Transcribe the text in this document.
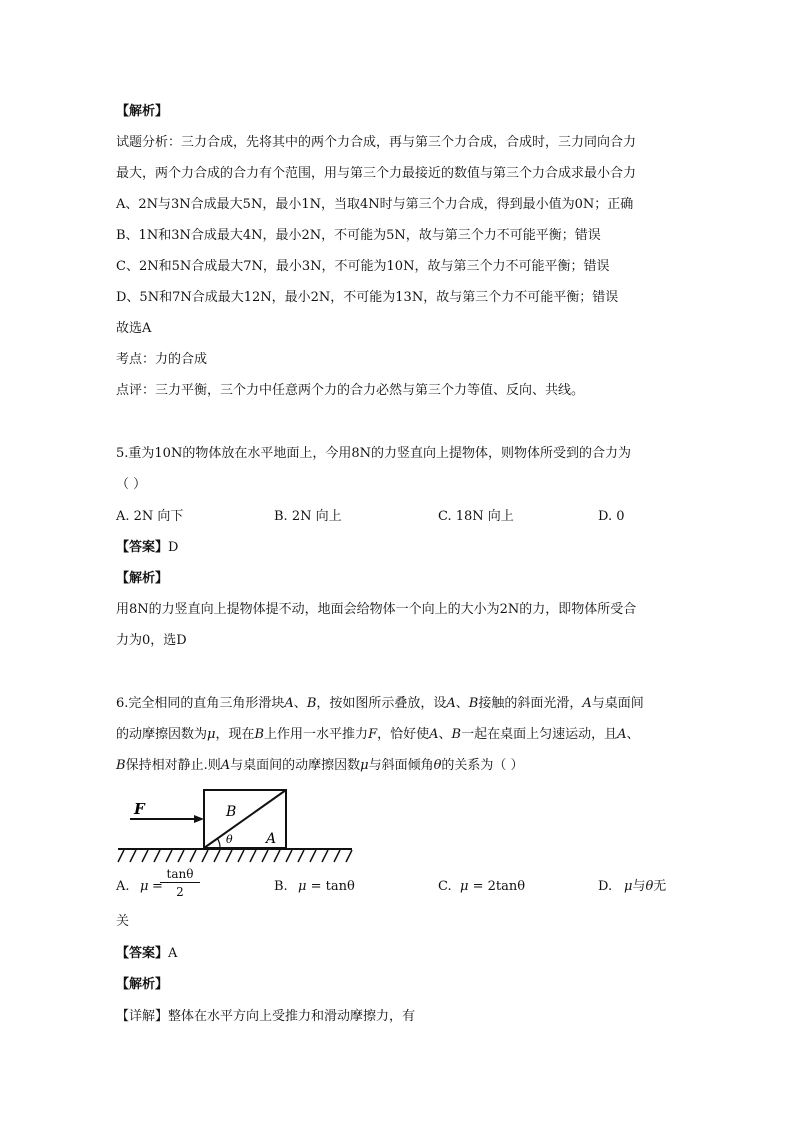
【解析】
试题分析：三力合成，先将其中的两个力合成，再与第三个力合成，合成时，三力同向合力
最大，两个力合成的合力有个范围，用与第三个力最接近的数值与第三个力合成求最小合力
A、2N与3N合成最大5N，最小1N，当取4N时与第三个力合成，得到最小值为0N；正确
B、1N和3N合成最大4N，最小2N，不可能为5N，故与第三个力不可能平衡；错误
C、2N和5N合成最大7N，最小3N，不可能为10N，故与第三个力不可能平衡；错误
D、5N和7N合成最大12N，最小2N，不可能为13N，故与第三个力不可能平衡；错误
故选A
考点：力的合成
点评：三力平衡，三个力中任意两个力的合力必然与第三个力等值、反向、共线。
5.重为10N的物体放在水平地面上，今用8N的力竖直向上提物体，则物体所受到的合力为
（ ）
A. 2N 向下	B. 2N 向上	C. 18N 向上	D. 0
【答案】D
【解析】
用8N的力竖直向上提物体提不动，地面会给物体一个向上的大小为2N的力，即物体所受合
力为0，选D
6.完全相同的直角三角形滑块A、B，按如图所示叠放，设A、B接触的斜面光滑，A与桌面间
的动摩擦因数为μ，现在B上作用一水平推力F，恰好使A、B一起在桌面上匀速运动，且A、
B保持相对静止.则A与桌面间的动摩擦因数μ与斜面倾角θ的关系为（ ）
F	B
A
θ
A. μ =
$\frac{\tan\theta}{2}$	B. μ = tanθ	C. μ = 2tanθ	D. μ与θ无
关
【答案】A
【解析】
【详解】整体在水平方向上受推力和滑动摩擦力，有
